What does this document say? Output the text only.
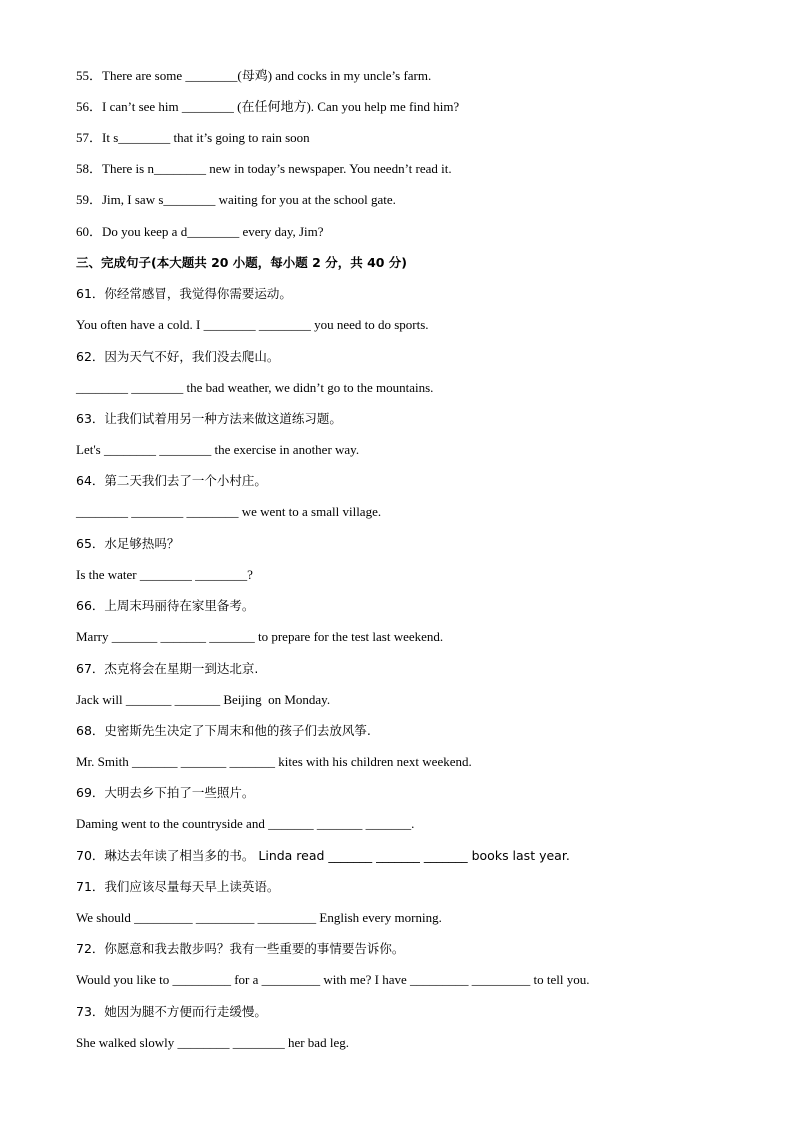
55．There are some ________(母鸡) and cocks in my uncle’s farm.
56．I can’t see him ________ (在任何地方). Can you help me find him?
57．It s________ that it’s going to rain soon
58．There is n________ new in today’s newspaper. You needn’t read it.
59．Jim, I saw s________ waiting for you at the school gate.
60．Do you keep a d________ every day, Jim?
三、完成句子(本大题共 20 小题，每小题 2 分，共 40 分)
61．你经常感冒，我觉得你需要运动。
You often have a cold. I ________ ________ you need to do sports.
62．因为天气不好，我们没去爬山。
________ ________ the bad weather, we didn’t go to the mountains.
63．让我们试着用另一种方法来做这道练习题。
Let's ________ ________ the exercise in another way.
64．第二天我们去了一个小村庄。
________ ________ ________ we went to a small village.
65．水足够热吗？
Is the water ________ ________?
66．上周末玛丽待在家里备考。
Marry _______ _______ _______ to prepare for the test last weekend.
67．杰克将会在星期一到达北京.
Jack will _______ _______ Beijing  on Monday.
68．史密斯先生决定了下周末和他的孩子们去放风筝.
Mr. Smith _______ _______ _______ kites with his children next weekend.
69．大明去乡下拍了一些照片。
Daming went to the countryside and _______ _______ _______.
70．琳达去年读了相当多的书。 Linda read _______ _______ _______ books last year.
71．我们应该尽量每天早上读英语。
We should _________ _________ _________ English every morning.
72．你愿意和我去散步吗？我有一些重要的事情要告诉你。
Would you like to _________ for a _________ with me? I have _________ _________ to tell you.
73．她因为腿不方便而行走缓慢。
She walked slowly ________ ________ her bad leg.
